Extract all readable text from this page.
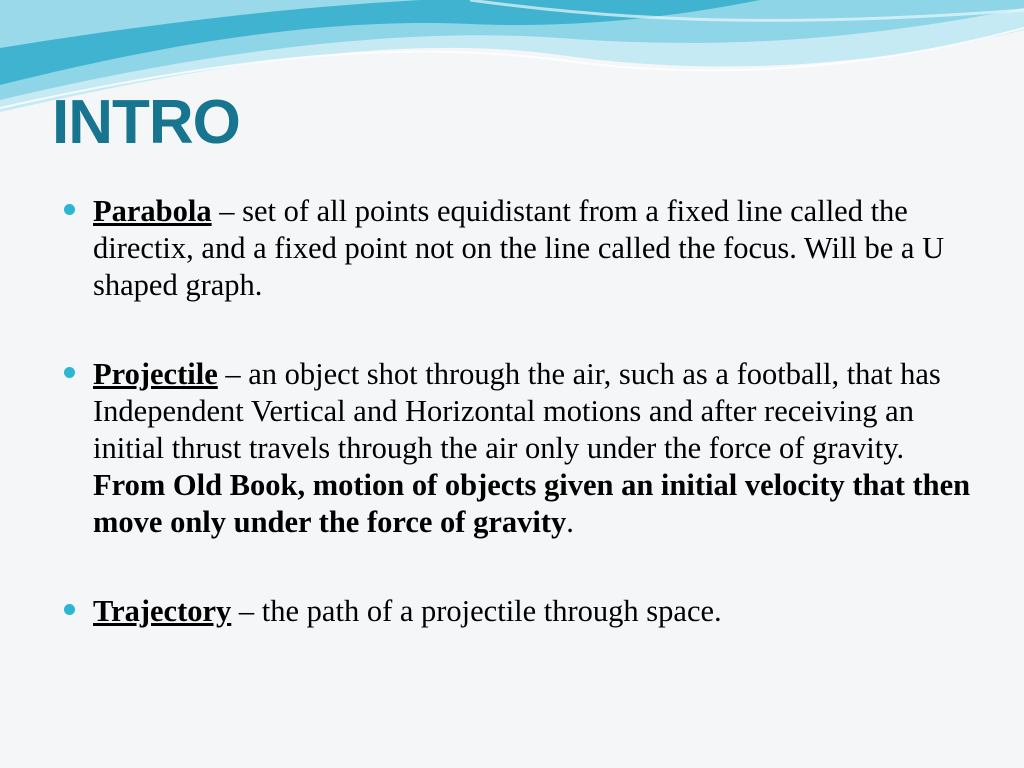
INTRO
Parabola – set of all points equidistant from a fixed line called the directix, and a fixed point not on the line called the focus. Will be a U shaped graph.
Projectile – an object shot through the air, such as a football, that has Independent Vertical and Horizontal motions and after receiving an initial thrust travels through the air only under the force of gravity. From Old Book, motion of objects given an initial velocity that then move only under the force of gravity.
Trajectory – the path of a projectile through space.
